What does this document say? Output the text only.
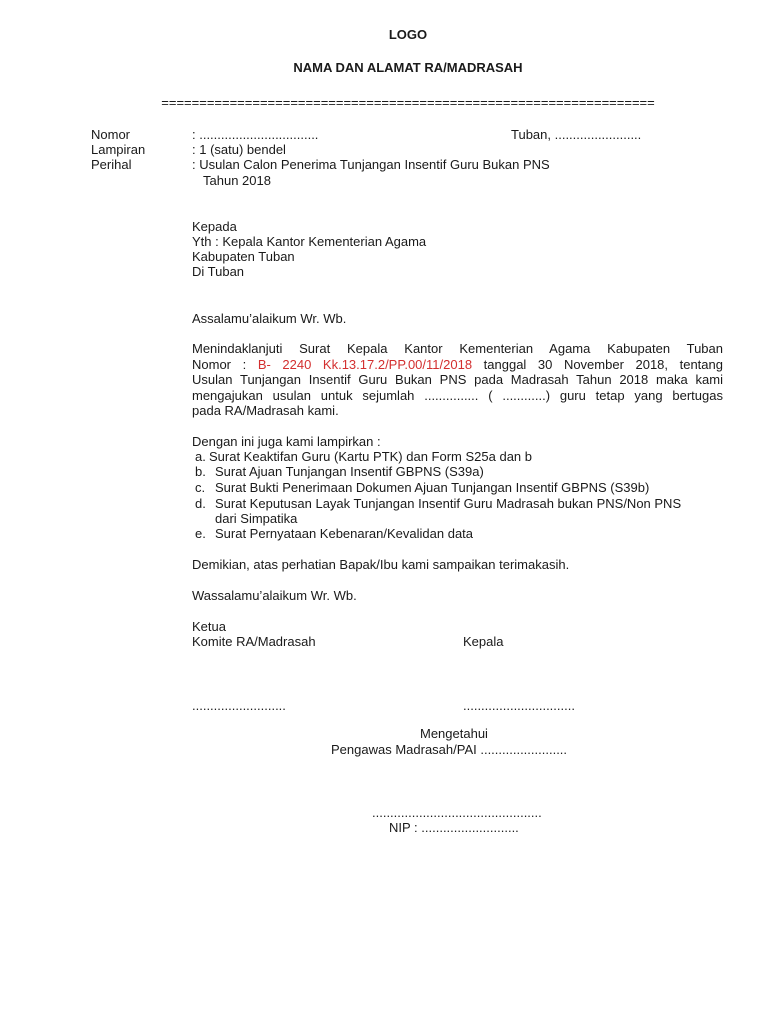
LOGO
NAMA DAN ALAMAT RA/MADRASAH
=================================================================
Nomor	: .................................	Tuban, ........................
Lampiran	: 1 (satu) bendel
Perihal	: Usulan Calon Penerima Tunjangan Insentif Guru Bukan PNS
Tahun 2018
Kepada
Yth : Kepala Kantor Kementerian Agama
Kabupaten Tuban
Di Tuban
Assalamu’alaikum Wr. Wb.
Menindaklanjuti Surat Kepala Kantor Kementerian Agama Kabupaten Tuban
Nomor : B- 2240 Kk.13.17.2/PP.00/11/2018 tanggal 30 November 2018, tentang
Usulan Tunjangan Insentif Guru Bukan PNS pada Madrasah Tahun 2018 maka kami
mengajukan usulan untuk sejumlah ............... ( ............) guru tetap yang bertugas
pada RA/Madrasah kami.
Dengan ini juga kami lampirkan :
a. Surat Keaktifan Guru (Kartu PTK) dan Form S25a dan b
b. Surat Ajuan Tunjangan Insentif GBPNS (S39a)
c. Surat Bukti Penerimaan Dokumen Ajuan Tunjangan Insentif GBPNS (S39b)
d. Surat Keputusan Layak Tunjangan Insentif Guru Madrasah bukan PNS/Non PNS
dari Simpatika
e. Surat Pernyataan Kebenaran/Kevalidan data
Demikian, atas perhatian Bapak/Ibu kami sampaikan terimakasih.
Wassalamu’alaikum Wr. Wb.
Ketua
Komite RA/Madrasah	Kepala
..........................	...............................
Mengetahui
Pengawas Madrasah/PAI ........................
...............................................
NIP : ...........................
